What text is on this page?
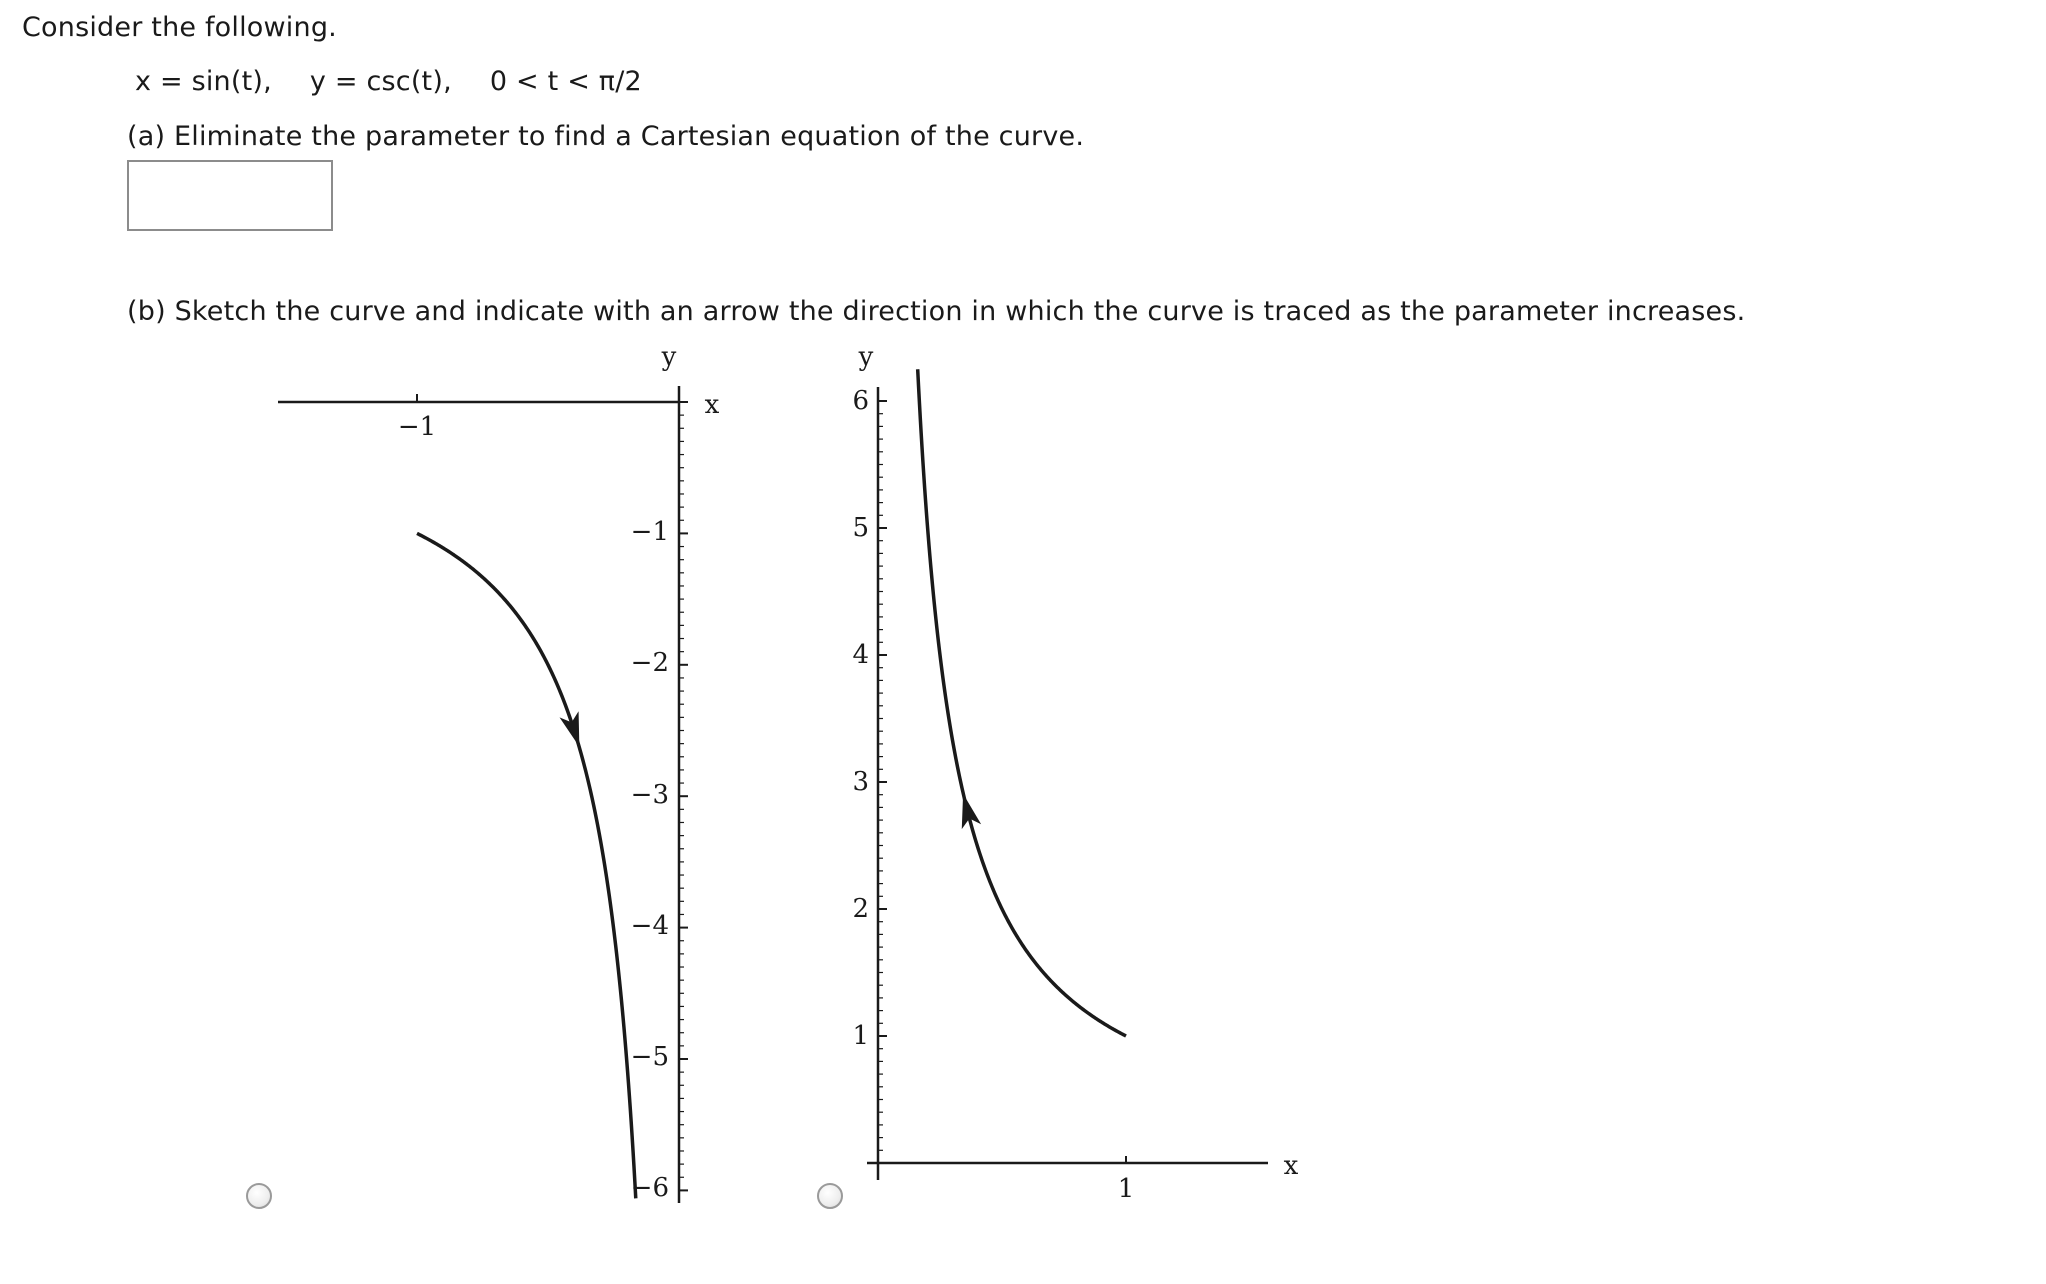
Consider the following.
x = sin(t), y = csc(t), 0 < t < π/2
(a) Eliminate the parameter to find a Cartesian equation of the curve.
(b) Sketch the curve and indicate with an arrow the direction in which the curve is traced as the parameter increases.
y
x
−1
−1
−2
−3
−4
−5
−6
y
x
1
1
2
3
4
5
6
